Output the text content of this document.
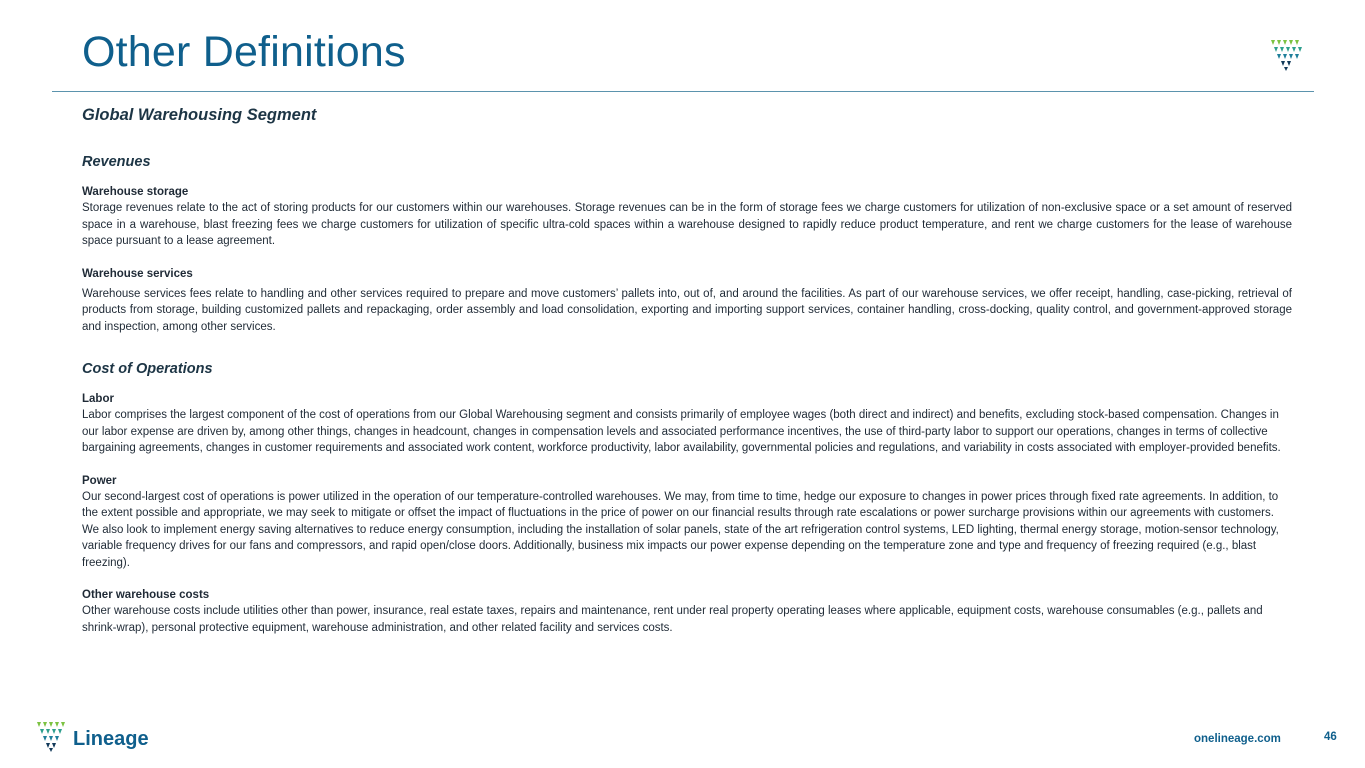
Other Definitions
Global Warehousing Segment
Revenues
Warehouse storage

Storage revenues relate to the act of storing products for our customers within our warehouses. Storage revenues can be in the form of storage fees we charge customers for utilization of non-exclusive space or a set amount of reserved space in a warehouse, blast freezing fees we charge customers for utilization of specific ultra-cold spaces within a warehouse designed to rapidly reduce product temperature, and rent we charge customers for the lease of warehouse space pursuant to a lease agreement.

Warehouse services

Warehouse services fees relate to handling and other services required to prepare and move customers’ pallets into, out of, and around the facilities. As part of our warehouse services, we offer receipt, handling, case-picking, retrieval of products from storage, building customized pallets and repackaging, order assembly and load consolidation, exporting and importing support services, container handling, cross-docking, quality control, and government-approved storage and inspection, among other services.

Cost of Operations
Labor

Labor comprises the largest component of the cost of operations from our Global Warehousing segment and consists primarily of employee wages (both direct and indirect) and benefits, excluding stock-based compensation. Changes in our labor expense are driven by, among other things, changes in headcount, changes in compensation levels and associated performance incentives, the use of third-party labor to support our operations, changes in terms of collective bargaining agreements, changes in customer requirements and associated work content, workforce productivity, labor availability, governmental policies and regulations, and variability in costs associated with employer-provided benefits.

Power

Our second-largest cost of operations is power utilized in the operation of our temperature-controlled warehouses. We may, from time to time, hedge our exposure to changes in power prices through fixed rate agreements. In addition, to the extent possible and appropriate, we may seek to mitigate or offset the impact of fluctuations in the price of power on our financial results through rate escalations or power surcharge provisions within our agreements with customers. We also look to implement energy saving alternatives to reduce energy consumption, including the installation of solar panels, state of the art refrigeration control systems, LED lighting, thermal energy storage, motion-sensor technology, variable frequency drives for our fans and compressors, and rapid open/close doors. Additionally, business mix impacts our power expense depending on the temperature zone and type and frequency of freezing required (e.g., blast freezing).

Other warehouse costs

Other warehouse costs include utilities other than power, insurance, real estate taxes, repairs and maintenance, rent under real property operating leases where applicable, equipment costs, warehouse consumables (e.g., pallets and shrink-wrap), personal protective equipment, warehouse administration, and other related facility and services costs.

Lineage	onelineage.com	46
